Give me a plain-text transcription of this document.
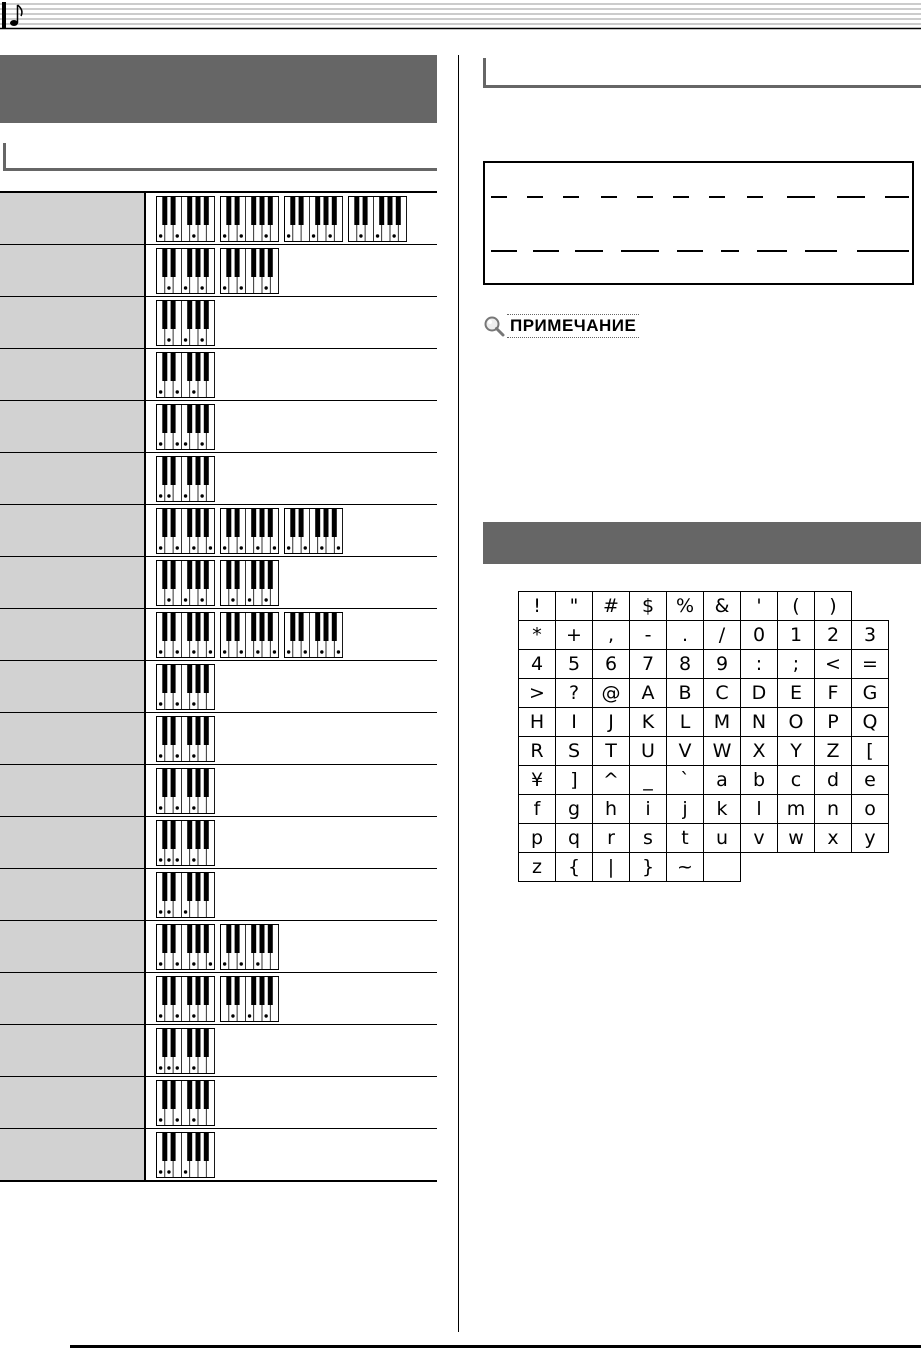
ПРИМЕЧАНИЕ
!	"	#	$	%	&	'	(	)	
*	+	,	-	.	/	0	1	2	3
4	5	6	7	8	9	:	;	<	=
>	?	@	A	B	C	D	E	F	G
H	I	J	K	L	M	N	O	P	Q
R	S	T	U	V	W	X	Y	Z	[
¥	]	^	_	`	a	b	c	d	e
f	g	h	i	j	k	l	m	n	o
p	q	r	s	t	u	v	w	x	y
z	{	|	}	~					
